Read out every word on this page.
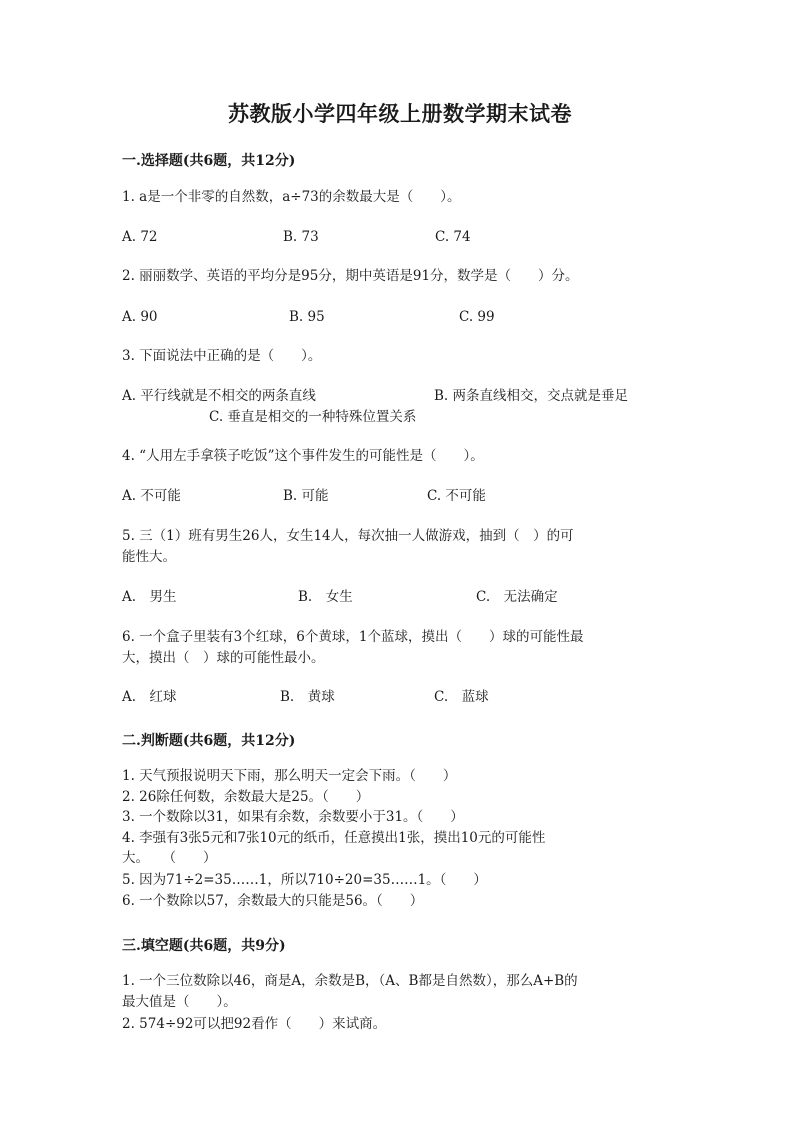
苏教版小学四年级上册数学期末试卷
一.选择题(共6题，共12分)
1. a是一个非零的自然数，a÷73的余数最大是（　　）。
A. 72	B. 73	C. 74
2. 丽丽数学、英语的平均分是95分，期中英语是91分，数学是（　　）分。
A. 90	B. 95	C. 99
3. 下面说法中正确的是（　　）。
A. 平行线就是不相交的两条直线	B. 两条直线相交，交点就是垂足
C. 垂直是相交的一种特殊位置关系
4. “人用左手拿筷子吃饭”这个事件发生的可能性是（　　）。
A. 不可能	B. 可能	C. 不可能
5. 三（1）班有男生26人，女生14人，每次抽一人做游戏，抽到（　）的可
能性大。
A.　男生	B.　女生	C.　无法确定
6. 一个盒子里装有3个红球，6个黄球，1个蓝球，摸出（　　）球的可能性最
大，摸出（　）球的可能性最小。
A.　红球	B.　黄球	C.　蓝球
二.判断题(共6题，共12分)
1. 天气预报说明天下雨，那么明天一定会下雨。（　　）
2. 26除任何数，余数最大是25。（　　）
3. 一个数除以31，如果有余数，余数要小于31。（　　）
4. 李强有3张5元和7张10元的纸币，任意摸出1张，摸出10元的可能性
大。　　（　　）
5. 因为71÷2=35……1，所以710÷20=35……1。（　　）
6. 一个数除以57，余数最大的只能是56。（　　）
三.填空题(共6题，共9分)
1. 一个三位数除以46，商是A，余数是B，（A、B都是自然数），那么A+B的
最大值是（　　）。
2. 574÷92可以把92看作（　　）来试商。
